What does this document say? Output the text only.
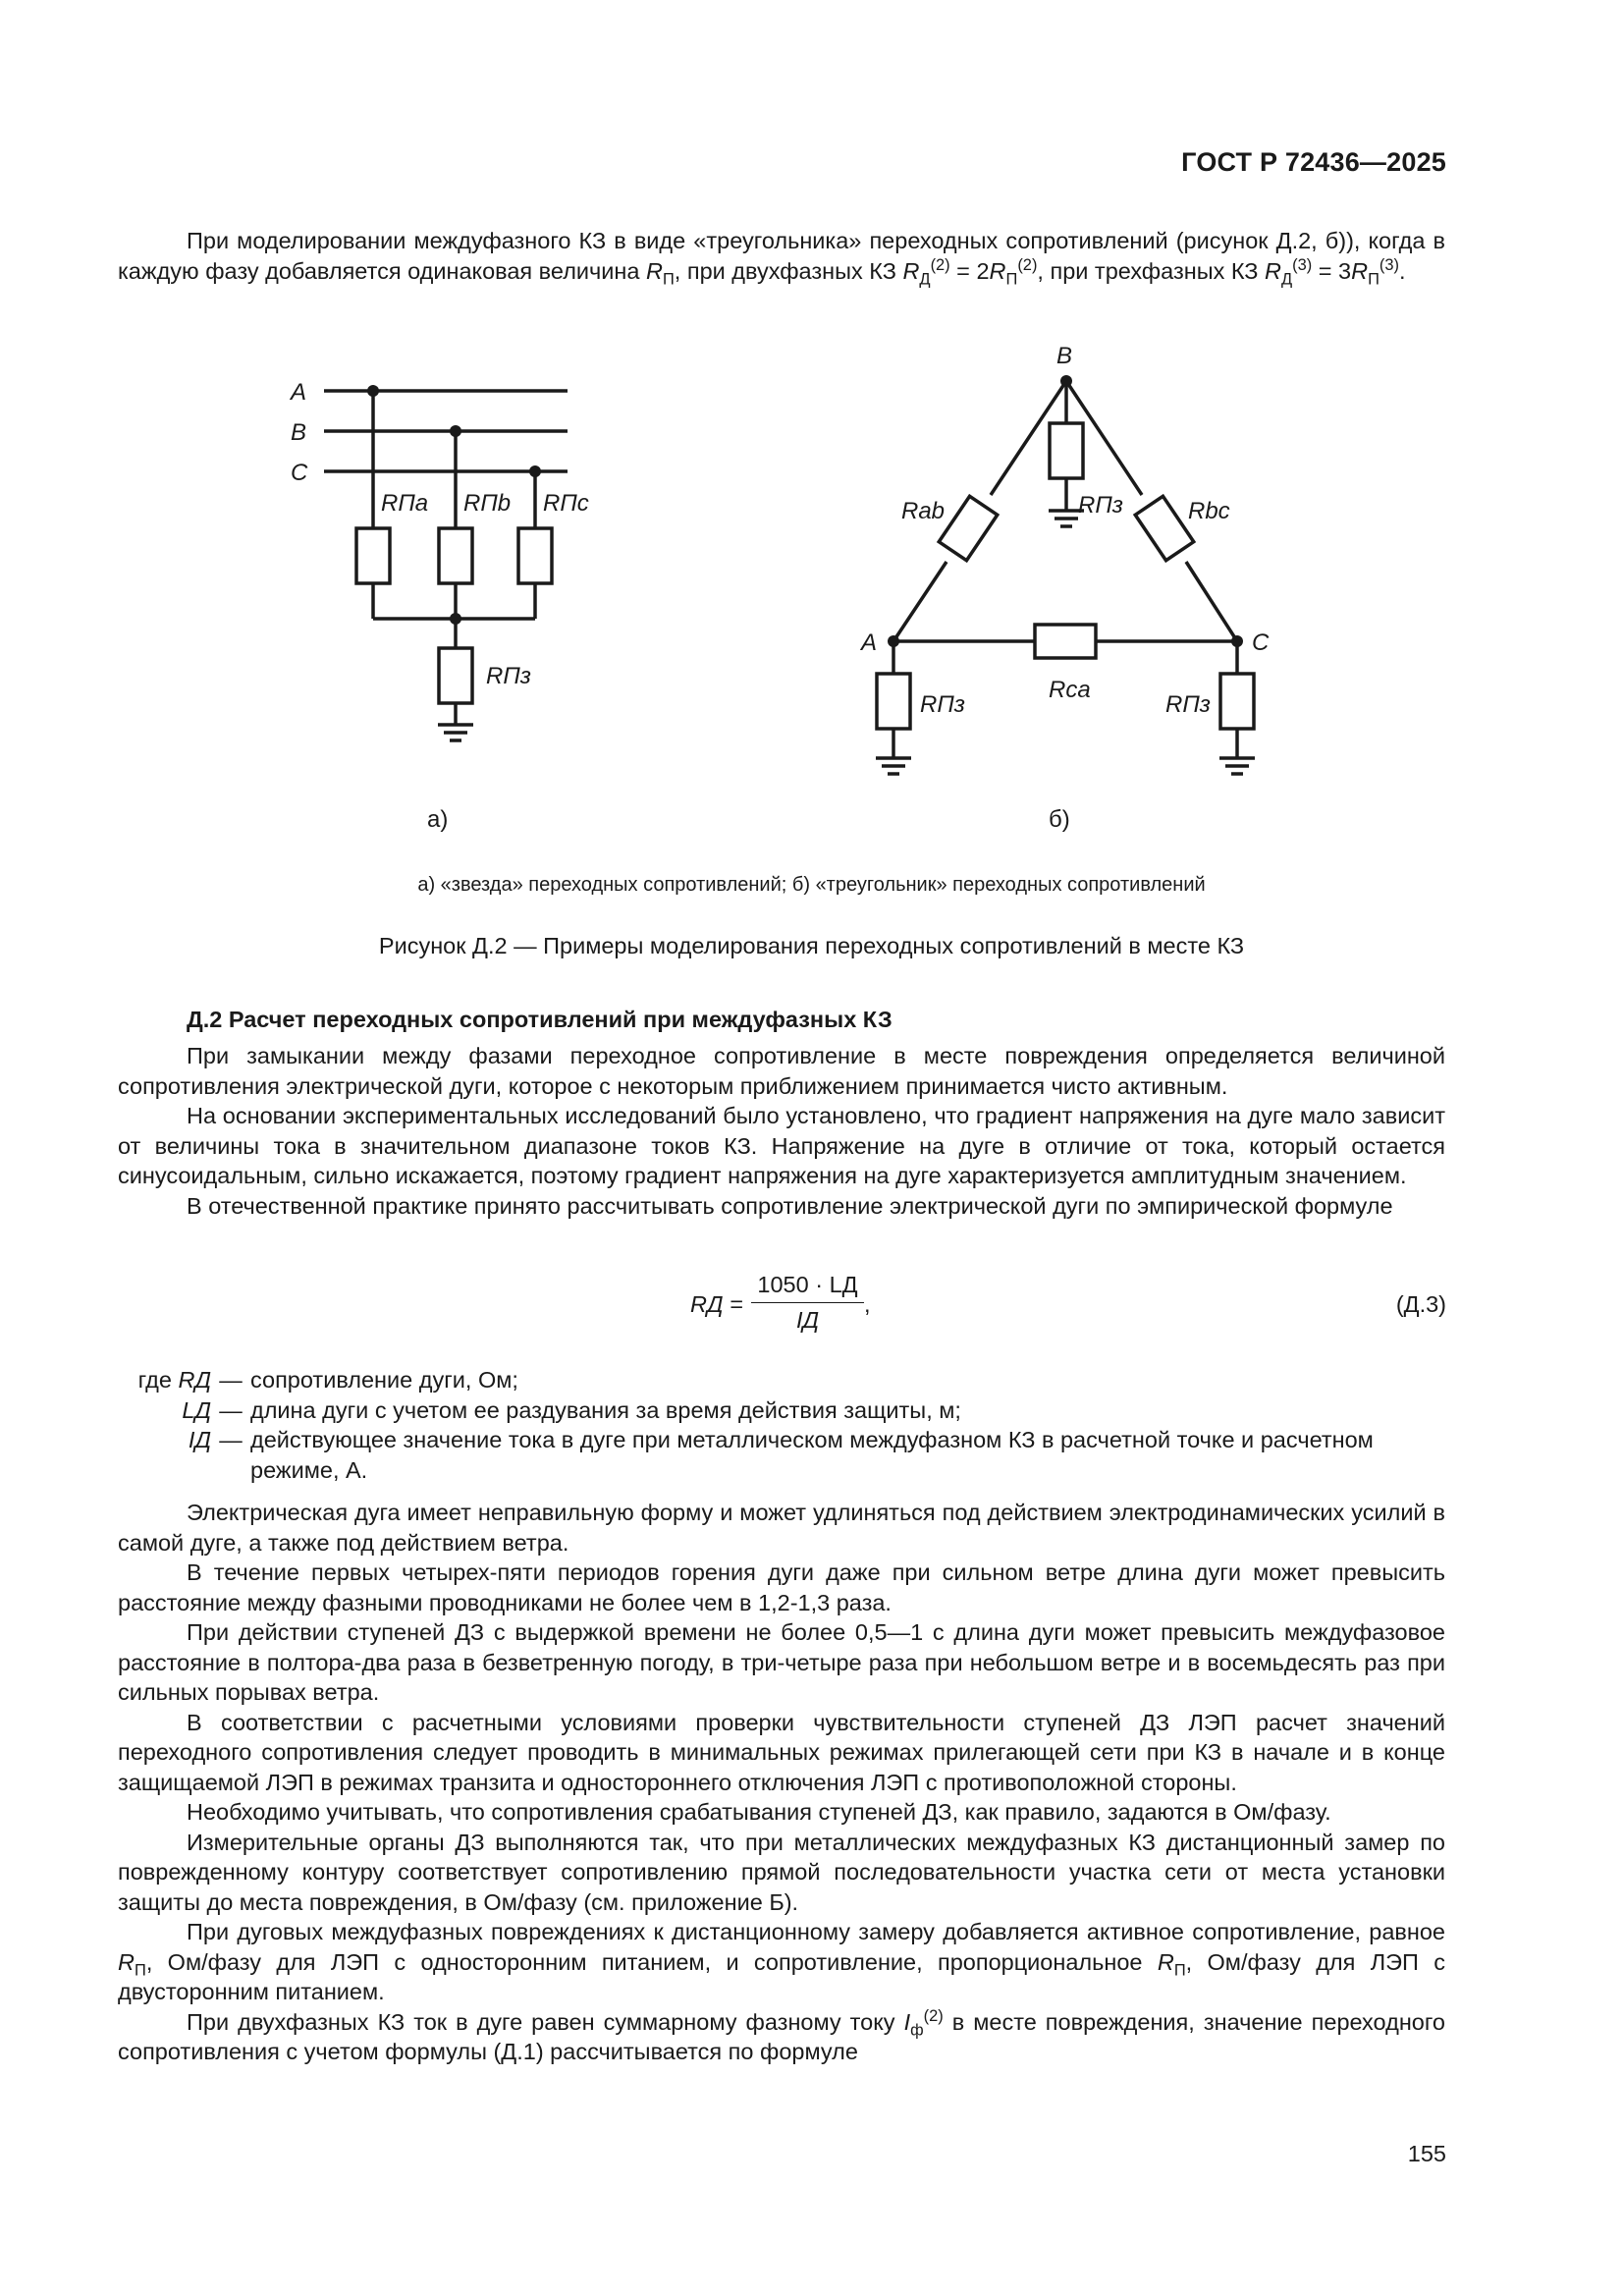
ГОСТ Р 72436—2025

При моделировании междуфазного КЗ в виде «треугольника» переходных сопротивлений (рисунок Д.2, б)), когда в каждую фазу добавляется одинаковая величина $R_П$, при двухфазных КЗ $R_Д^{(2)} = 2R_П^{(2)}$, при трехфазных КЗ $R_Д^{(3)} = 3R_П^{(3)}$.

A
B
C
RПa RПb RПc
RПз
B
A	C
Rab	Rbc
Rca
RПз
RПз	RПз
а)	б)
а) «звезда» переходных сопротивлений; б) «треугольник» переходных сопротивлений
Рисунок Д.2 — Примеры моделирования переходных сопротивлений в месте КЗ
Д.2 Расчет переходных сопротивлений при междуфазных КЗ

При замыкании между фазами переходное сопротивление в месте повреждения определяется величиной сопротивления электрической дуги, которое с некоторым приближением принимается чисто активным.

На основании экспериментальных исследований было установлено, что градиент напряжения на дуге мало зависит от величины тока в значительном диапазоне токов КЗ. Напряжение на дуге в отличие от тока, который остается синусоидальным, сильно искажается, поэтому градиент напряжения на дуге характеризуется амплитудным значением.

В отечественной практике принято рассчитывать сопротивление электрической дуги по эмпирической формуле

RД =
1050 · LД
IД
,	(Д.3)
где RД — сопротивление дуги, Ом;
LД — длина дуги с учетом ее раздувания за время действия защиты, м;
IД — действующее значение тока в дуге при металлическом междуфазном КЗ в расчетной точке и расчетном режиме, А.

Электрическая дуга имеет неправильную форму и может удлиняться под действием электродинамических усилий в самой дуге, а также под действием ветра.

В течение первых четырех-пяти периодов горения дуги даже при сильном ветре длина дуги может превысить расстояние между фазными проводниками не более чем в 1,2-1,3 раза.

При действии ступеней ДЗ с выдержкой времени не более 0,5—1 с длина дуги может превысить междуфазовое расстояние в полтора-два раза в безветренную погоду, в три-четыре раза при небольшом ветре и в восемьдесять раз при сильных порывах ветра.

В соответствии с расчетными условиями проверки чувствительности ступеней ДЗ ЛЭП расчет значений переходного сопротивления следует проводить в минимальных режимах прилегающей сети при КЗ в начале и в конце защищаемой ЛЭП в режимах транзита и одностороннего отключения ЛЭП с противоположной стороны.

Необходимо учитывать, что сопротивления срабатывания ступеней ДЗ, как правило, задаются в Ом/фазу.

Измерительные органы ДЗ выполняются так, что при металлических междуфазных КЗ дистанционный замер по поврежденному контуру соответствует сопротивлению прямой последовательности участка сети от места установки защиты до места повреждения, в Ом/фазу (см. приложение Б).

При дуговых междуфазных повреждениях к дистанционному замеру добавляется активное сопротивление, равное $R_П$, Ом/фазу для ЛЭП с односторонним питанием, и сопротивление, пропорциональное $R_П$, Ом/фазу для ЛЭП с двусторонним питанием.

При двухфазных КЗ ток в дуге равен суммарному фазному току $I_ф^{(2)}$ в месте повреждения, значение переходного сопротивления с учетом формулы (Д.1) рассчитывается по формуле

155
